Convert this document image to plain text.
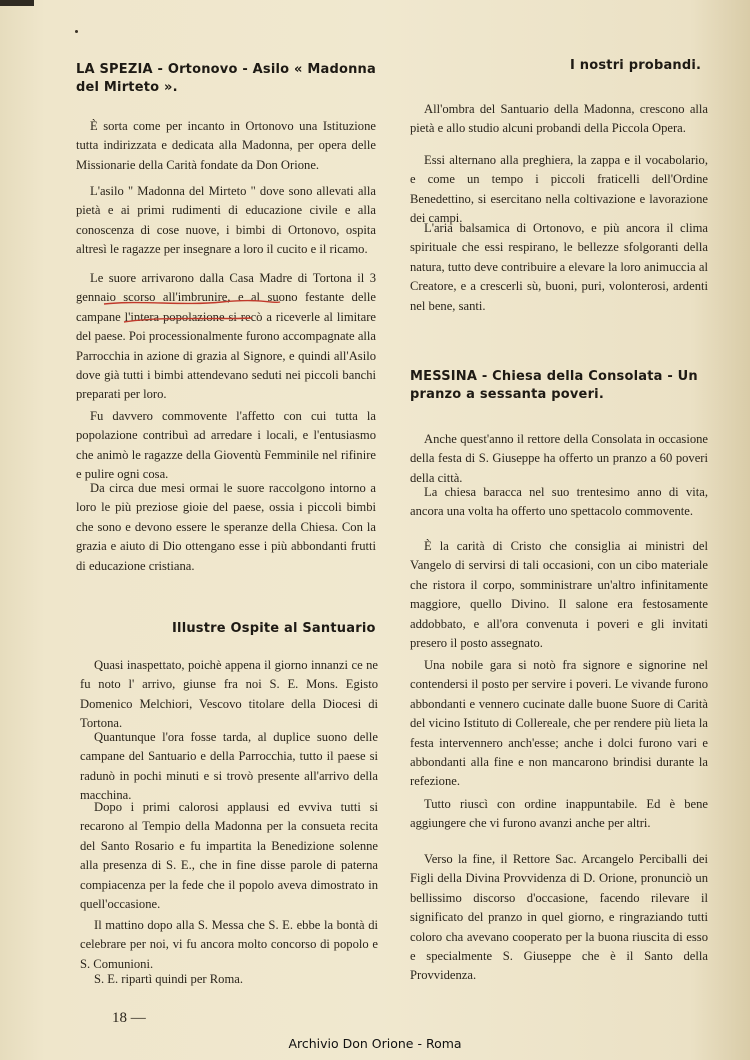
LA SPEZIA - Ortonovo - Asilo « Madonna del Mirteto ».

È sorta come per incanto in Ortonovo una Istituzione tutta indirizzata e dedicata alla Madonna, per opera delle Missionarie della Carità fondate da Don Orione.

L'asilo " Madonna del Mirteto " dove sono allevati alla pietà e ai primi rudimenti di educazione civile e alla conoscenza di cose nuove, i bimbi di Ortonovo, ospita altresì le ragazze per insegnare a loro il cucito e il ricamo.

Le suore arrivarono dalla Casa Madre di Tortona il 3 gennaio scorso all'imbrunire, e al suono festante delle campane l'intera popolazione si recò a riceverle al limitare del paese. Poi processionalmente furono accompagnate alla Parrocchia in azione di grazia al Signore, e quindi all'Asilo dove già tutti i bimbi attendevano seduti nei piccoli banchi preparati per loro.

Fu davvero commovente l'affetto con cui tutta la popolazione contribuì ad arredare i locali, e l'entusiasmo che animò le ragazze della Gioventù Femminile nel rifinire e pulire ogni cosa.

Da circa due mesi ormai le suore raccolgono intorno a loro le più preziose gioie del paese, ossia i piccoli bimbi che sono e devono essere le speranze della Chiesa. Con la grazia e aiuto di Dio ottengano esse i più abbondanti frutti di educazione cristiana.

Illustre Ospite al Santuario

Quasi inaspettato, poichè appena il giorno innanzi ce ne fu noto l' arrivo, giunse fra noi S. E. Mons. Egisto Domenico Melchiori, Vescovo titolare della Diocesi di Tortona.

Quantunque l'ora fosse tarda, al duplice suono delle campane del Santuario e della Parrocchia, tutto il paese si radunò in pochi minuti e si trovò presente all'arrivo della macchina.

Dopo i primi calorosi applausi ed evviva tutti si recarono al Tempio della Madonna per la consueta recita del Santo Rosario e fu impartita la Benedizione solenne alla presenza di S. E., che in fine disse parole di paterna compiacenza per la fede che il popolo aveva dimostrato in quell'occasione.

Il mattino dopo alla S. Messa che S. E. ebbe la bontà di celebrare per noi, vi fu ancora molto concorso di popolo e S. Comunioni.

S. E. ripartì quindi per Roma.

I nostri probandi.

All'ombra del Santuario della Madonna, crescono alla pietà e allo studio alcuni probandi della Piccola Opera.

Essi alternano alla preghiera, la zappa e il vocabolario, e come un tempo i piccoli fraticelli dell'Ordine Benedettino, si esercitano nella coltivazione e lavorazione dei campi.

L'aria balsamica di Ortonovo, e più ancora il clima spirituale che essi respirano, le bellezze sfolgoranti della natura, tutto deve contribuire a elevare la loro animuccia al Creatore, e a crescerli sù, buoni, puri, volonterosi, ardenti nel bene, santi.

MESSINA - Chiesa della Consolata - Un pranzo a sessanta poveri.

Anche quest'anno il rettore della Consolata in occasione della festa di S. Giuseppe ha offerto un pranzo a 60 poveri della città.

La chiesa baracca nel suo trentesimo anno di vita, ancora una volta ha offerto uno spettacolo commovente.

È la carità di Cristo che consiglia ai ministri del Vangelo di servirsi di tali occasioni, con un cibo materiale che ristora il corpo, somministrare un'altro infinitamente maggiore, quello Divino. Il salone era festosamente addobbato, e all'ora convenuta i poveri e gli invitati presero il posto assegnato.

Una nobile gara si notò fra signore e signorine nel contendersi il posto per servire i poveri. Le vivande furono abbondanti e vennero cucinate dalle buone Suore di Carità del vicino Istituto di Collereale, che per rendere più lieta la festa intervennero anch'esse; anche i dolci furono vari e abbondanti alla fine e non mancarono brindisi durante la refezione.

Tutto riuscì con ordine inappuntabile. Ed è bene aggiungere che vi furono avanzi anche per altri.

Verso la fine, il Rettore Sac. Arcangelo Perciballi dei Figli della Divina Provvidenza di D. Orione, pronunciò un bellissimo discorso d'occasione, facendo rilevare il significato del pranzo in quel giorno, e ringraziando tutti coloro cha avevano cooperato per la buona riuscita di esso e specialmente S. Giuseppe che è il Santo della Provvidenza.

18 —
Archivio Don Orione - Roma
